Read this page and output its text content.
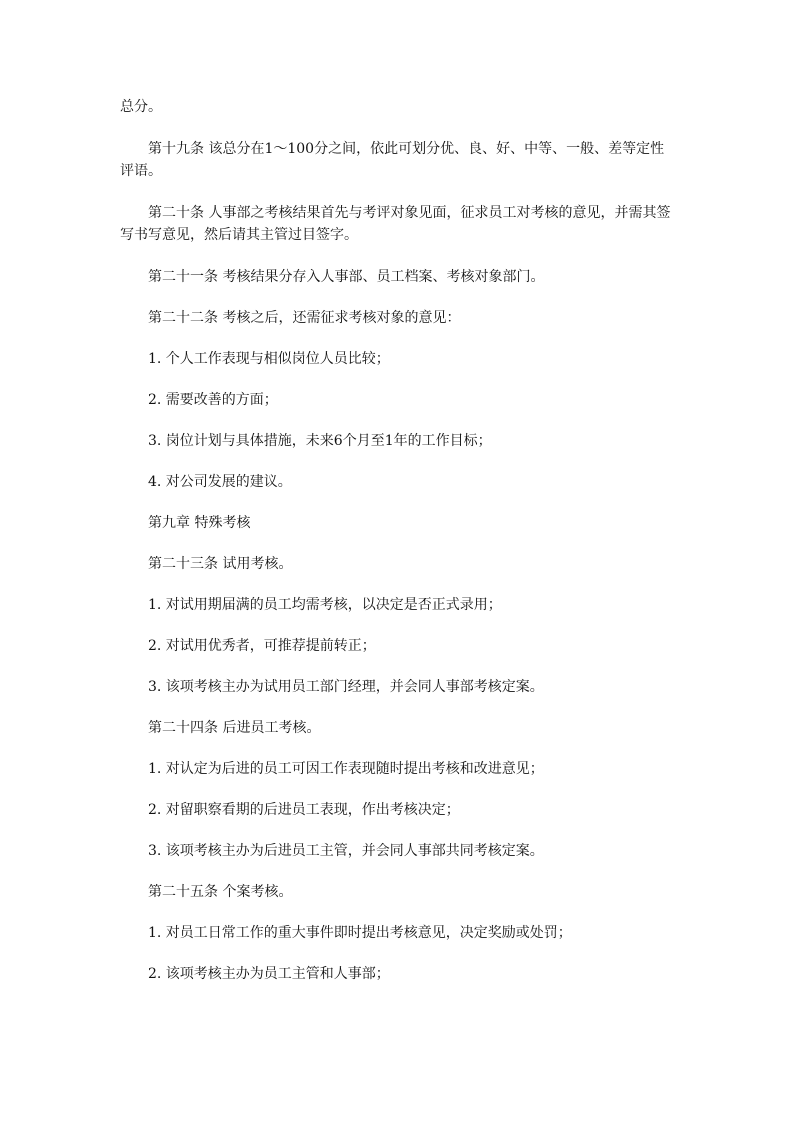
总分。

第十九条 该总分在1～100分之间，依此可划分优、良、好、中等、一般、差等定性

评语。

第二十条 人事部之考核结果首先与考评对象见面，征求员工对考核的意见，并需其签

写书写意见，然后请其主管过目签字。

第二十一条 考核结果分存入人事部、员工档案、考核对象部门。

第二十二条 考核之后，还需征求考核对象的意见：

1. 个人工作表现与相似岗位人员比较；

2. 需要改善的方面；

3. 岗位计划与具体措施，未来6个月至1年的工作目标；

4. 对公司发展的建议。

第九章 特殊考核

第二十三条 试用考核。

1. 对试用期届满的员工均需考核，以决定是否正式录用；

2. 对试用优秀者，可推荐提前转正；

3. 该项考核主办为试用员工部门经理，并会同人事部考核定案。

第二十四条 后进员工考核。

1. 对认定为后进的员工可因工作表现随时提出考核和改进意见；

2. 对留职察看期的后进员工表现，作出考核决定；

3. 该项考核主办为后进员工主管，并会同人事部共同考核定案。

第二十五条 个案考核。

1. 对员工日常工作的重大事件即时提出考核意见，决定奖励或处罚；

2. 该项考核主办为员工主管和人事部；
